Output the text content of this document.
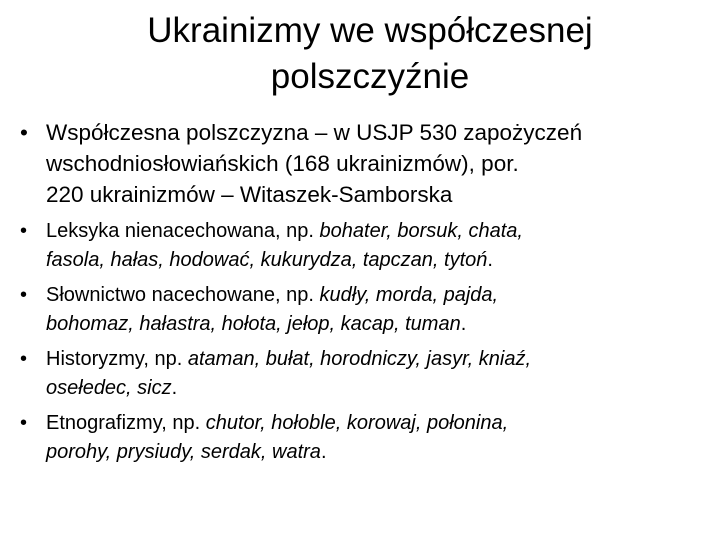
Ukrainizmy we współczesnej
polszczyźnie
• Współczesna polszczyzna – w USJP 530 zapożyczeń
wschodniosłowiańskich (168 ukrainizmów), por.
220 ukrainizmów – Witaszek-Samborska
• Leksyka nienacechowana, np. bohater, borsuk, chata,
fasola, hałas, hodować, kukurydza, tapczan, tytoń.
• Słownictwo nacechowane, np. kudły, morda, pajda,
bohomaz, hałastra, hołota, jełop, kacap, tuman.
• Historyzmy, np. ataman, bułat, horodniczy, jasyr, kniaź,
osełedec, sicz.
• Etnografizmy, np. chutor, hołoble, korowaj, połonina,
porohy, prysiudy, serdak, watra.
